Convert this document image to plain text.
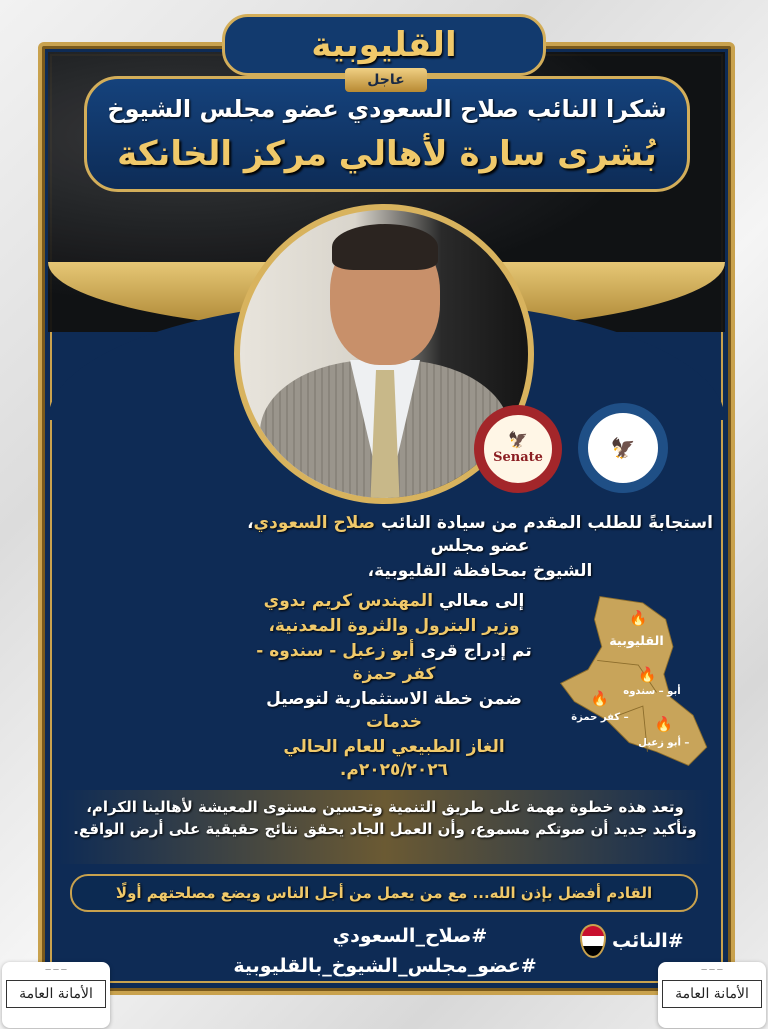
القليوبية
عاجل
شكرا النائب صلاح السعودي عضو مجلس الشيوخ
بُشرى سارة لأهالي مركز الخانكة
🦅
Senate	🦅
استجابةً للطلب المقدم من سيادة النائب صلاح السعودي، عضو مجلس
الشيوخ بمحافظة القليوبية،
إلى معالي المهندس كريم بدوي
وزير البترول والثروة المعدنية،
تم إدراج قرى أبو زعبل - سندوه - كفر حمزة
ضمن خطة الاستثمارية لتوصيل خدمات
الغاز الطبيعي للعام الحالي ٢٠٢٥/٢٠٢٦م.
القليوبية
أبو – سندوه
كفر حمزة –
أبو زعبل –
🔥
🔥
🔥
🔥
وتعد هذه خطوة مهمة على طريق التنمية وتحسين مستوى المعيشة لأهالينا الكرام،
وتأكيد جديد أن صوتكم مسموع، وأن العمل الجاد يحقق نتائج حقيقية على أرض الواقع.
القادم أفضل بإذن الله... مع من يعمل من أجل الناس ويضع مصلحتهم أولًا
#النائب
#صلاح_السعودي
#عضو_مجلس_الشيوخ_بالقليوبية
— — —
الأمانة العامة
— — —
الأمانة العامة
